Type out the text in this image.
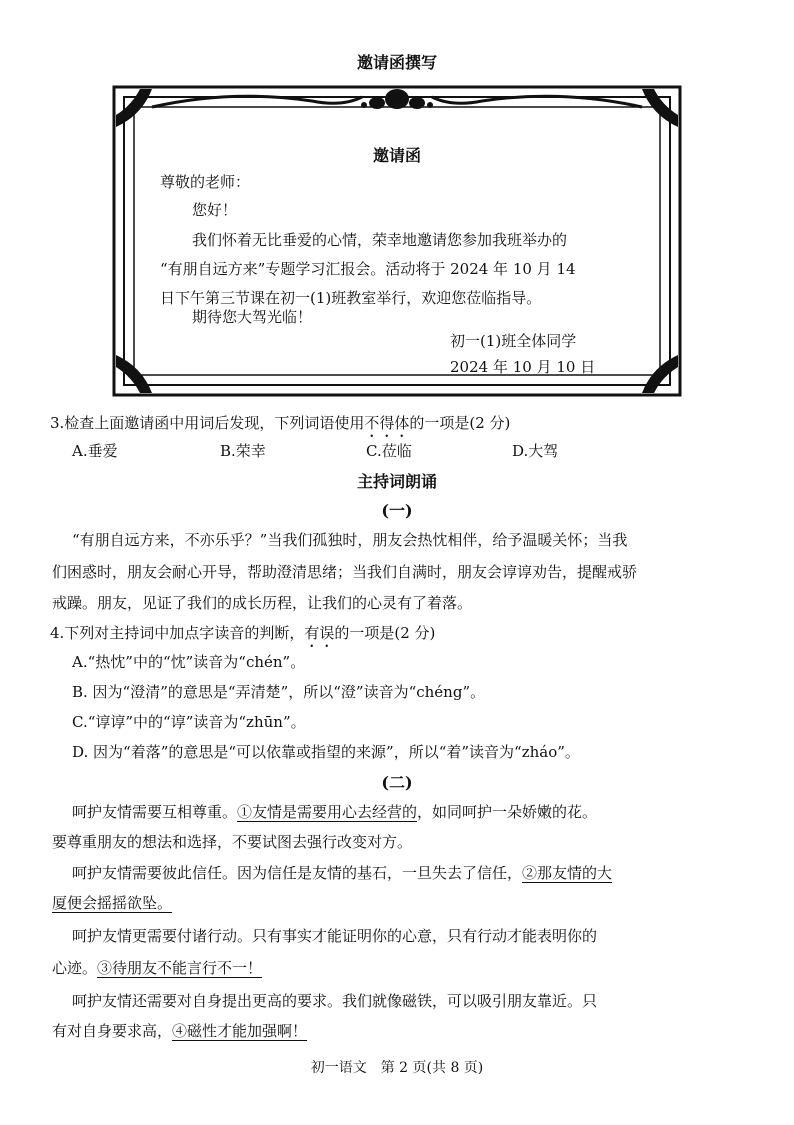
邀请函撰写
邀请函
尊敬的老师：
您好！
我们怀着无比垂爱的心情，荣幸地邀请您参加我班举办的
“有朋自远方来”专题学习汇报会。活动将于 2024 年 10 月 14
日下午第三节课在初一(1)班教室举行，欢迎您莅临指导。
期待您大驾光临！
初一(1)班全体同学
2024 年 10 月 10 日
3.检查上面邀请函中用词后发现，下列词语使用不得体的一项是(2 分)
A.垂爱	B.荣幸	C.莅临	D.大驾
主持词朗诵
(一)
“有朋自远方来，不亦乐乎？”当我们孤独时，朋友会热忱相伴，给予温暖关怀；当我
们困惑时，朋友会耐心开导，帮助澄清思绪；当我们自满时，朋友会谆谆劝告，提醒戒骄
戒躁。朋友，见证了我们的成长历程，让我们的心灵有了着落。
4.下列对主持词中加点字读音的判断，有误的一项是(2 分)
A.“热忱”中的“忱”读音为“chén”。
B. 因为“澄清”的意思是“弄清楚”，所以“澄”读音为“chéng”。
C.“谆谆”中的“谆”读音为“zhūn”。
D. 因为“着落”的意思是“可以依靠或指望的来源”，所以“着”读音为“zháo”。
(二)
呵护友情需要互相尊重。①友情是需要用心去经营的，如同呵护一朵娇嫩的花。
要尊重朋友的想法和选择，不要试图去强行改变对方。
呵护友情需要彼此信任。因为信任是友情的基石，一旦失去了信任，②那友情的大
厦便会摇摇欲坠。
呵护友情更需要付诸行动。只有事实才能证明你的心意，只有行动才能表明你的
心迹。③待朋友不能言行不一！
呵护友情还需要对自身提出更高的要求。我们就像磁铁，可以吸引朋友靠近。只
有对自身要求高，④磁性才能加强啊！
初一语文　第 2 页(共 8 页)
